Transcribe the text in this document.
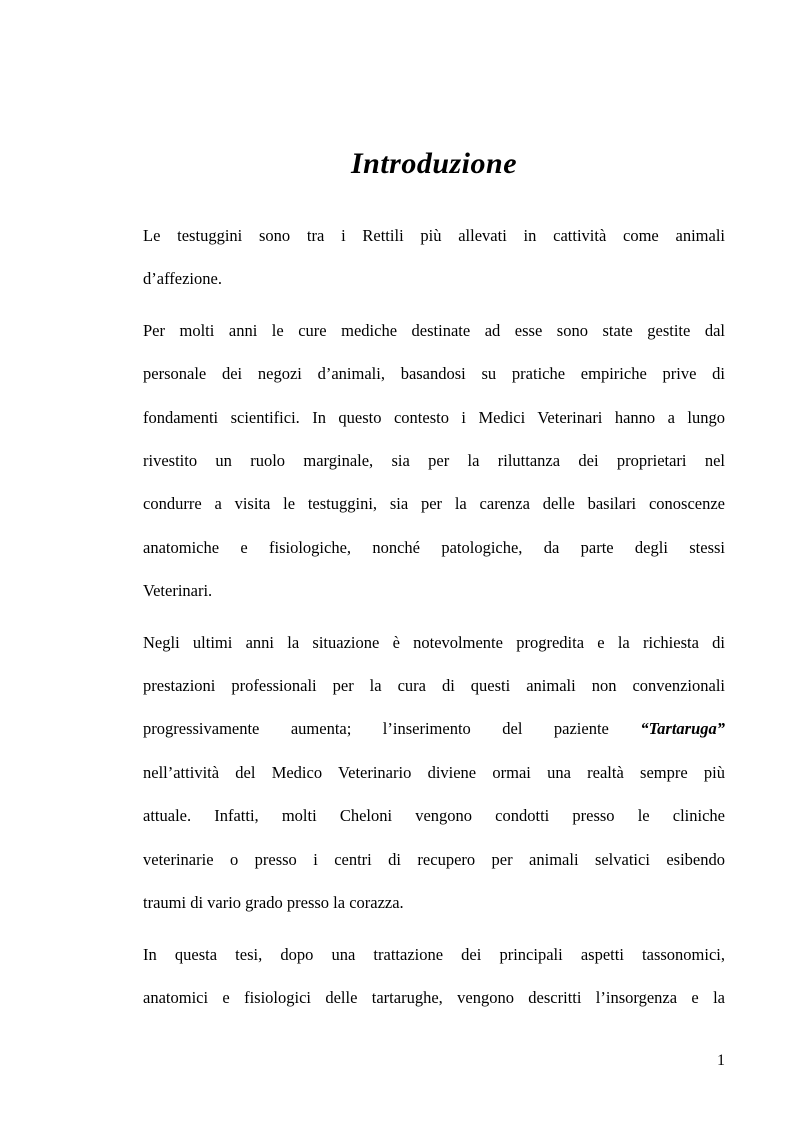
Introduzione
Le testuggini sono tra i Rettili più allevati in cattività come animali
d’affezione.
Per molti anni le cure mediche destinate ad esse sono state gestite dal
personale dei negozi d’animali, basandosi su pratiche empiriche prive di
fondamenti scientifici. In questo contesto i Medici Veterinari hanno a lungo
rivestito un ruolo marginale, sia per la riluttanza dei proprietari nel
condurre a visita le testuggini, sia per la carenza delle basilari conoscenze
anatomiche e fisiologiche, nonché patologiche, da parte degli stessi
Veterinari.
Negli ultimi anni la situazione è notevolmente progredita e la richiesta di
prestazioni professionali per la cura di questi animali non convenzionali
progressivamente aumenta; l’inserimento del paziente “Tartaruga”
nell’attività del Medico Veterinario diviene ormai una realtà sempre più
attuale. Infatti, molti Cheloni vengono condotti presso le cliniche
veterinarie o presso i centri di recupero per animali selvatici esibendo
traumi di vario grado presso la corazza.
In questa tesi, dopo una trattazione dei principali aspetti tassonomici,
anatomici e fisiologici delle tartarughe, vengono descritti l’insorgenza e la
1
